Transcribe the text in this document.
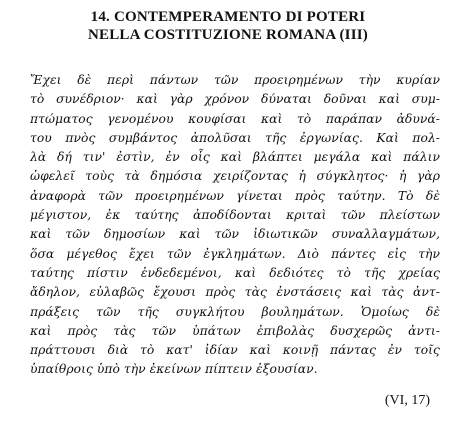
14. CONTEMPERAMENTO DI POTERI
NELLA COSTITUZIONE ROMANA (III)
Ἔχει δὲ περὶ πάντων τῶν προειρημένων τὴν κυρίαν
τὸ συνέδριον· καὶ γὰρ χρόνον δύναται δοῦναι καὶ συμ-
πτώματος γενομένου κουφίσαι καὶ τὸ παράπαν ἀδυνά-
του πνὸς συμβάντος ἀπολῦσαι τῆς ἐργωνίας. Καὶ πολ-
λὰ δή τιν' ἐστὶν, ἐν οἷς καὶ βλάπτει μεγάλα καὶ πάλιν
ὠφελεῖ τοὺς τὰ δημόσια χειρίζοντας ἡ σύγκλητος· ἡ γὰρ
ἀναφορὰ τῶν προειρημένων γίνεται πρὸς ταύτην. Τὸ δὲ
μέγιστον, ἐκ ταύτης ἀποδίδονται κριταὶ τῶν πλείστων
καὶ τῶν δημοσίων καὶ τῶν ἰδιωτικῶν συναλλαγμάτων,
ὅσα μέγεθος ἔχει τῶν ἐγκλημάτων. Διὸ πάντες εἰς τὴν
ταύτης πίστιν ἐνδεδεμένοι, καὶ δεδιότες τὸ τῆς χρείας
ἄδηλον, εὐλαβῶς ἔχουσι πρὸς τὰς ἐνστάσεις καὶ τὰς ἀντ-
πράξεις τῶν τῆς συγκλήτου βουλημάτων. Ὁμοίως δὲ
καὶ πρὸς τὰς τῶν ὑπάτων ἐπιβολὰς δυσχερῶς ἀντι-
πράττουσι διὰ τὸ κατ' ἰδίαν καὶ κοινῇ πάντας ἐν τοῖς
ὑπαίθροις ὑπὸ τὴν ἐκείνων πίπτειν ἐξουσίαν.
(VI, 17)
